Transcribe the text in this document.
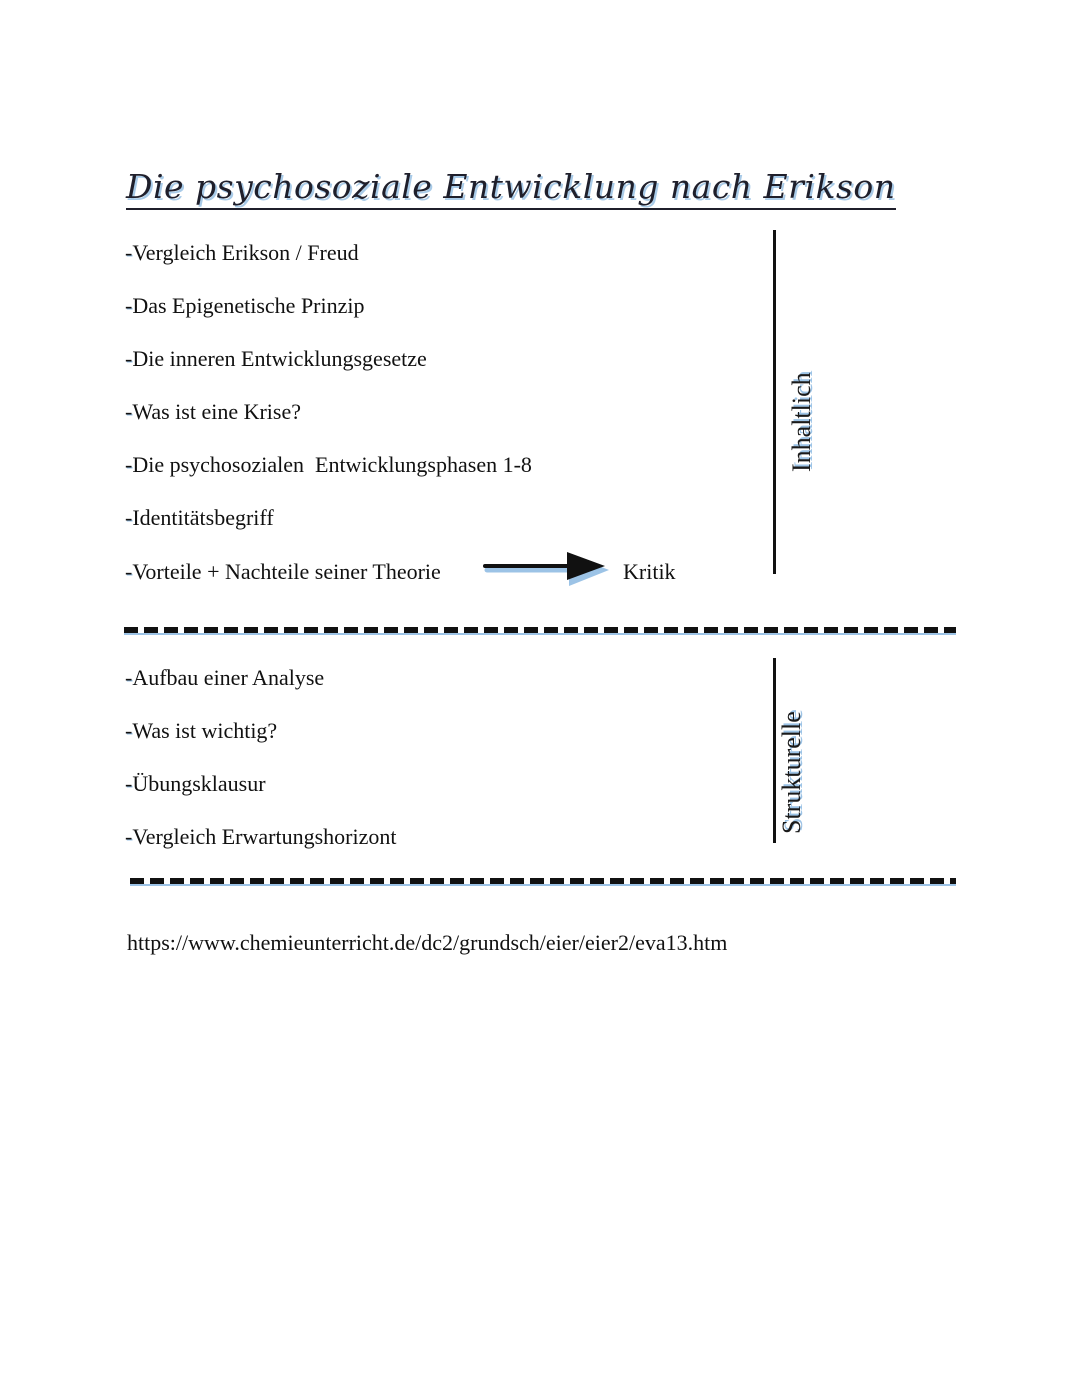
Die psychosoziale Entwicklung nach Erikson
-Vergleich Erikson / Freud
-Das Epigenetische Prinzip
-Die inneren Entwicklungsgesetze
-Was ist eine Krise?
-Die psychosozialen  Entwicklungsphasen 1-8
-Identitätsbegriff
-Vorteile + Nachteile seiner Theorie	Kritik
Inhaltlich
-Aufbau einer Analyse
-Was ist wichtig?
-Übungsklausur
-Vergleich Erwartungshorizont
Strukturelle
https://www.chemieunterricht.de/dc2/grundsch/eier/eier2/eva13.htm
